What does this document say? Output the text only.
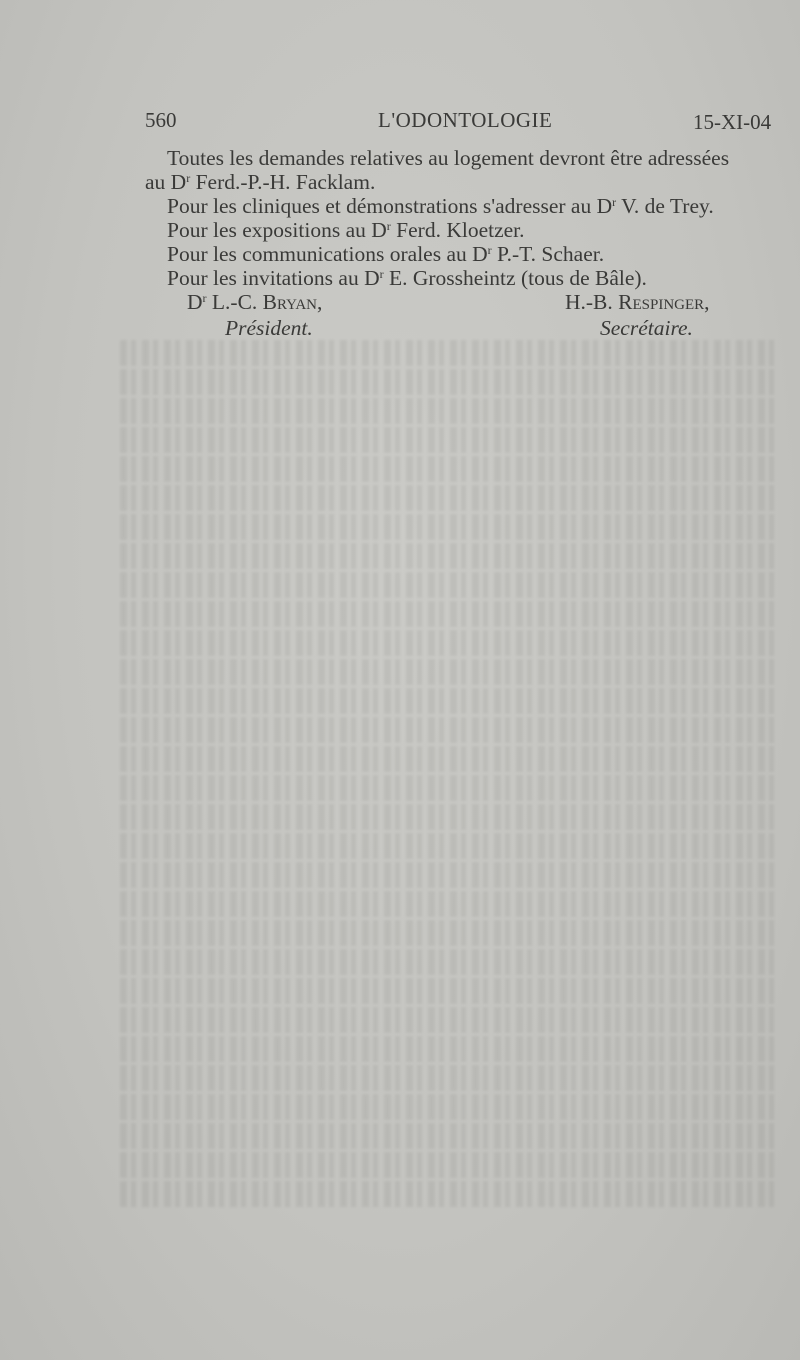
560	L'ODONTOLOGIE	15-XI-04
Toutes les demandes relatives au logement devront être adressées
au $D^r$ Ferd.-P.-H. Facklam.
Pour les cliniques et démonstrations s'adresser au $D^r$ V. de Trey.
Pour les expositions au $D^r$ Ferd. Kloetzer.
Pour les communications orales au $D^r$ P.-T. Schaer.
Pour les invitations au $D^r$ E. Grossheintz (tous de Bâle).
$D^r$ L.-C. Bryan,	H.-B. Respinger,
Président.	Secrétaire.
